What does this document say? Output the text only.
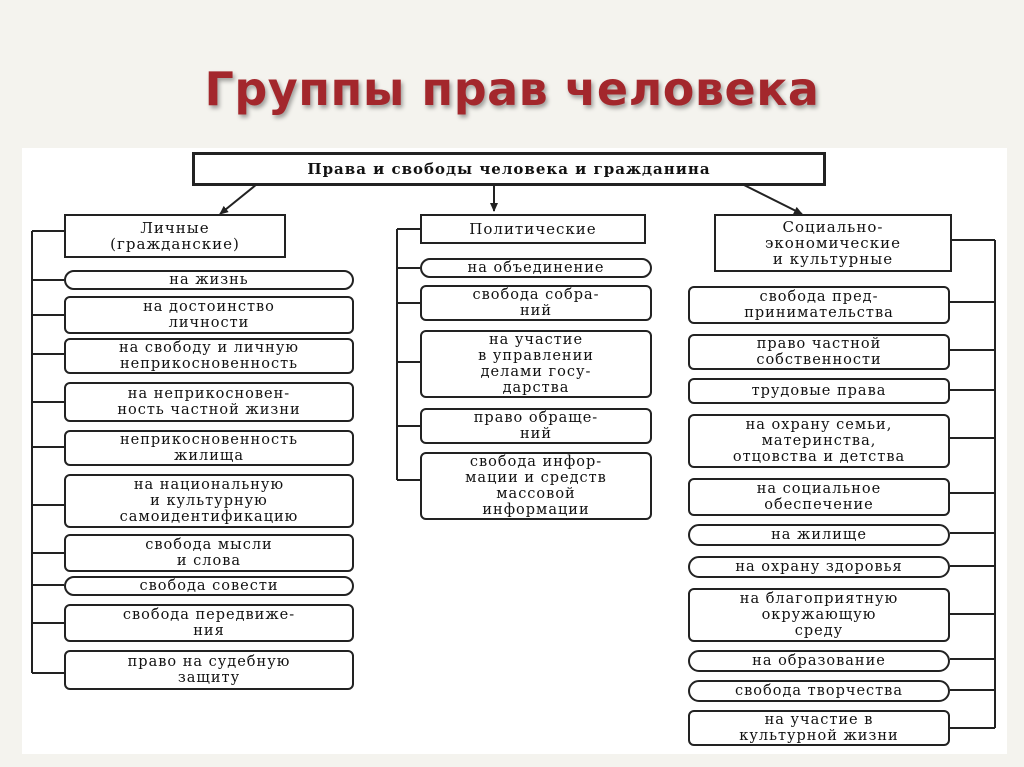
Группы прав человека
Права и свободы человека и гражданина
Личные
(гражданские)
Политические	Социально-
экономические
и культурные
на жизнь
на достоинство
личности
на свободу и личную
неприкосновенность
на неприкосновен-
ность частной жизни
неприкосновенность
жилища
на национальную
и культурную
самоидентификацию
свобода мысли
и слова
свобода совести
свобода передвиже-
ния
право на судебную
защиту
на объединение
свобода собра-
ний
на участие
в управлении
делами госу-
дарства
право обраще-
ний
свобода инфор-
мации и средств
массовой
информации
свобода пред-
принимательства
право частной
собственности
трудовые права
на охрану семьи,
материнства,
отцовства и детства
на социальное
обеспечение
на жилище
на охрану здоровья
на благоприятную
окружающую
среду
на образование
свобода творчества
на участие в
культурной жизни
